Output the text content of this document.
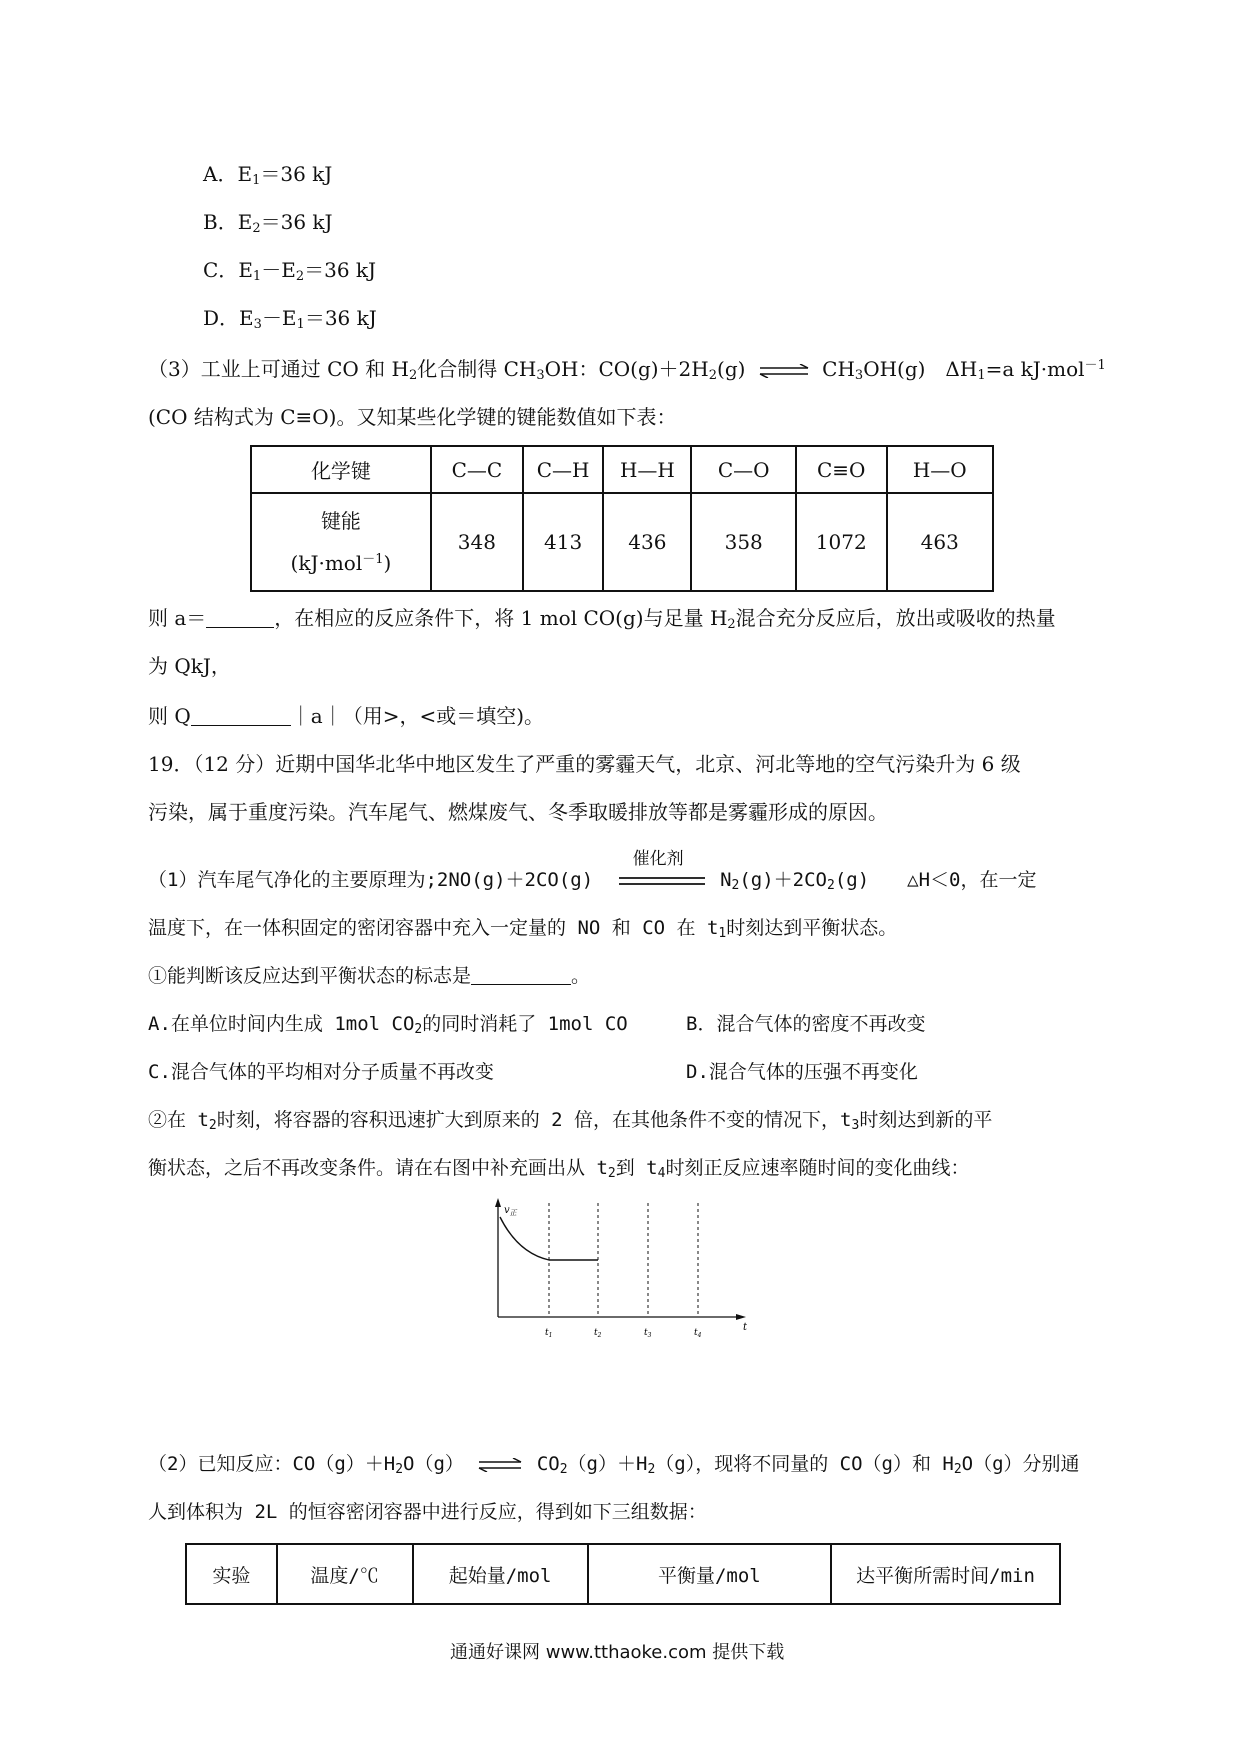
A．$E_1=36$ kJ
B．$E_2=36$ kJ
C．$E_1-E_2=36$ kJ
D．$E_3-E_1=36$ kJ
（3）工业上可通过 CO 和 $H_2$化合制得 $CH_3OH$：$CO(g)+2H_2(g)$ ⇌ $CH_3OH(g)$　$\Delta H_1=a$ kJ·mol$^{-1}$
(CO 结构式为 C≡O)。又知某些化学键的键能数值如下表：
化学键	C—C	C—H	H—H	C—O	C≡O	H—O

键能
(kJ·mol$^{-1}$)	348	413	436	358	1072	463
则 a＝	，在相应的反应条件下，将 1 mol CO(g)与足量 $H_2$混合充分反应后，放出或吸收的热量
为 QkJ，
则 Q	｜a｜（用>，<或＝填空)。
19．（12 分）近期中国华北华中地区发生了严重的雾霾天气，北京、河北等地的空气污染升为 6 级
污染，属于重度污染。汽车尾气、燃煤废气、冬季取暖排放等都是雾霾形成的原因。
（1）汽车尾气净化的主要原理为;2NO(g)＋2CO(g)
催化剂
$N_2(g)+2CO_2(g)$　　△H＜0，在一定
温度下，在一体积固定的密闭容器中充入一定量的 NO 和 CO 在 $t_1$时刻达到平衡状态。
①能判断该反应达到平衡状态的标志是	。
A.在单位时间内生成 1mol $CO_2$的同时消耗了 1mol CO	B．混合气体的密度不再改变
C.混合气体的平均相对分子质量不再改变	D.混合气体的压强不再变化
②在 $t_2$时刻，将容器的容积迅速扩大到原来的 2 倍，在其他条件不变的情况下，$t_3$时刻达到新的平
衡状态，之后不再改变条件。请在右图中补充画出从 $t_2$到 $t_4$时刻正反应速率随时间的变化曲线：
$v_正$
t
$t_1$	$t_2$	$t_3$	$t_4$
（2）已知反应：$CO(g)+H_2O(g)$ ⇌ $CO_2(g)+H_2(g)$，现将不同量的 CO（g）和 $H_2O(g)$分别通
人到体积为 2L 的恒容密闭容器中进行反应，得到如下三组数据：
实验	温度/℃	起始量/mol	平衡量/mol	达平衡所需时间/min
通通好课网 www.tthaoke.com 提供下载
